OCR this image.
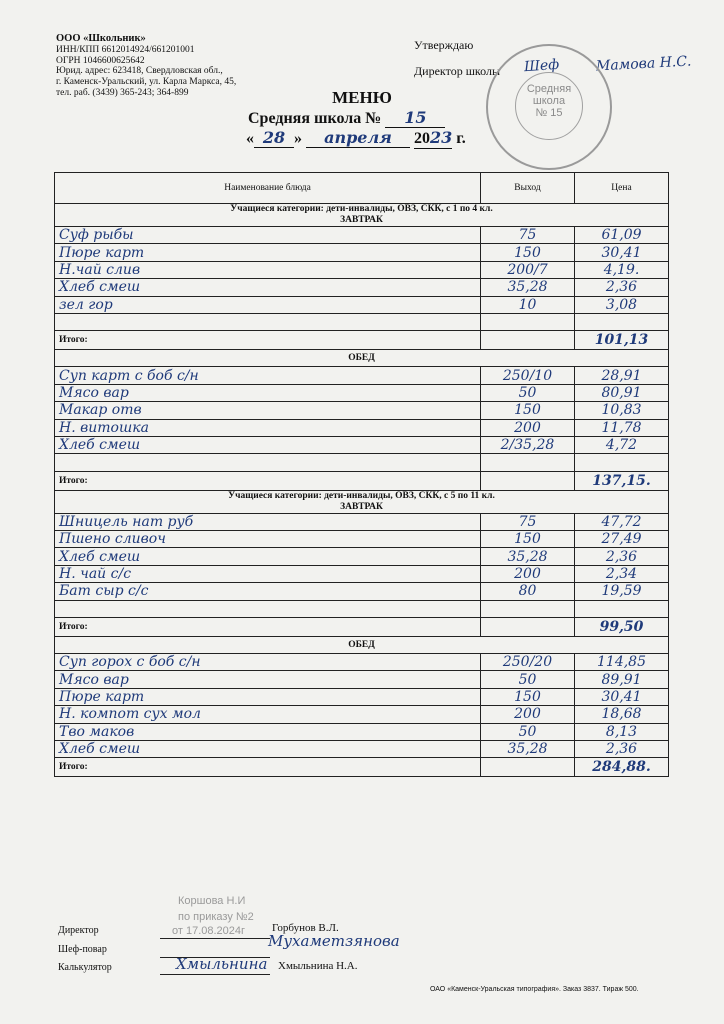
ООО «Школьник»
ИНН/КПП 6612014924/661201001
ОГРН 1046600625642
Юрид. адрес: 623418, Свердловская обл.,
г. Каменск-Уральский, ул. Карла Маркса, 45,
тел. раб. (3439) 365-243; 364-899
Утверждаю
Директор школы Шеф	Мамова Н.С.
Средняя
школа
№ 15
МЕНЮ
Средняя школа № 15
« 28 » апреля 2023 г.
Наименование блюда	Выход	Цена

Учащиеся категории: дети-инвалиды, ОВЗ, СКК, с 1 по 4 кл.
ЗАВТРАК		

Суф рыбы	75	61,09
Пюре карт	150	30,41
Н.чай слив	200/7	4,19.
Хлеб смеш	35,28	2,36
зел гор	10	3,08

Итого:		101,13
ОБЕД		
Суп карт с боб с/н	250/10	28,91
Мясо вар	50	80,91
Макар отв	150	10,83
Н. витошка	200	11,78
Хлеб смеш	2/35,28	4,72

Итого:		137,15.

Учащиеся категории: дети-инвалиды, ОВЗ, СКК, с 5 по 11 кл.
ЗАВТРАК		

Шницель нат руб	75	47,72
Пшено сливоч	150	27,49
Хлеб смеш	35,28	2,36
Н. чай с/с	200	2,34
Бат сыр с/с	80	19,59

Итого:		99,50
ОБЕД		
Суп горох с боб с/н	250/20	114,85
Мясо вар	50	89,91
Пюре карт	150	30,41
Н. компот сух мол	200	18,68
Тво маков	50	8,13
Хлеб смеш	35,28	2,36
Итого:		284,88.
Директор	Горбунов В.Л.
Шеф-повар	Мухаметзянова
Калькулятор	Хмыльнина Хмыльнина Н.А.
Коршова Н.И
по приказу №2
от 17.08.2024г
ОАО «Каменск-Уральская типография». Заказ 3837. Тираж 500.
